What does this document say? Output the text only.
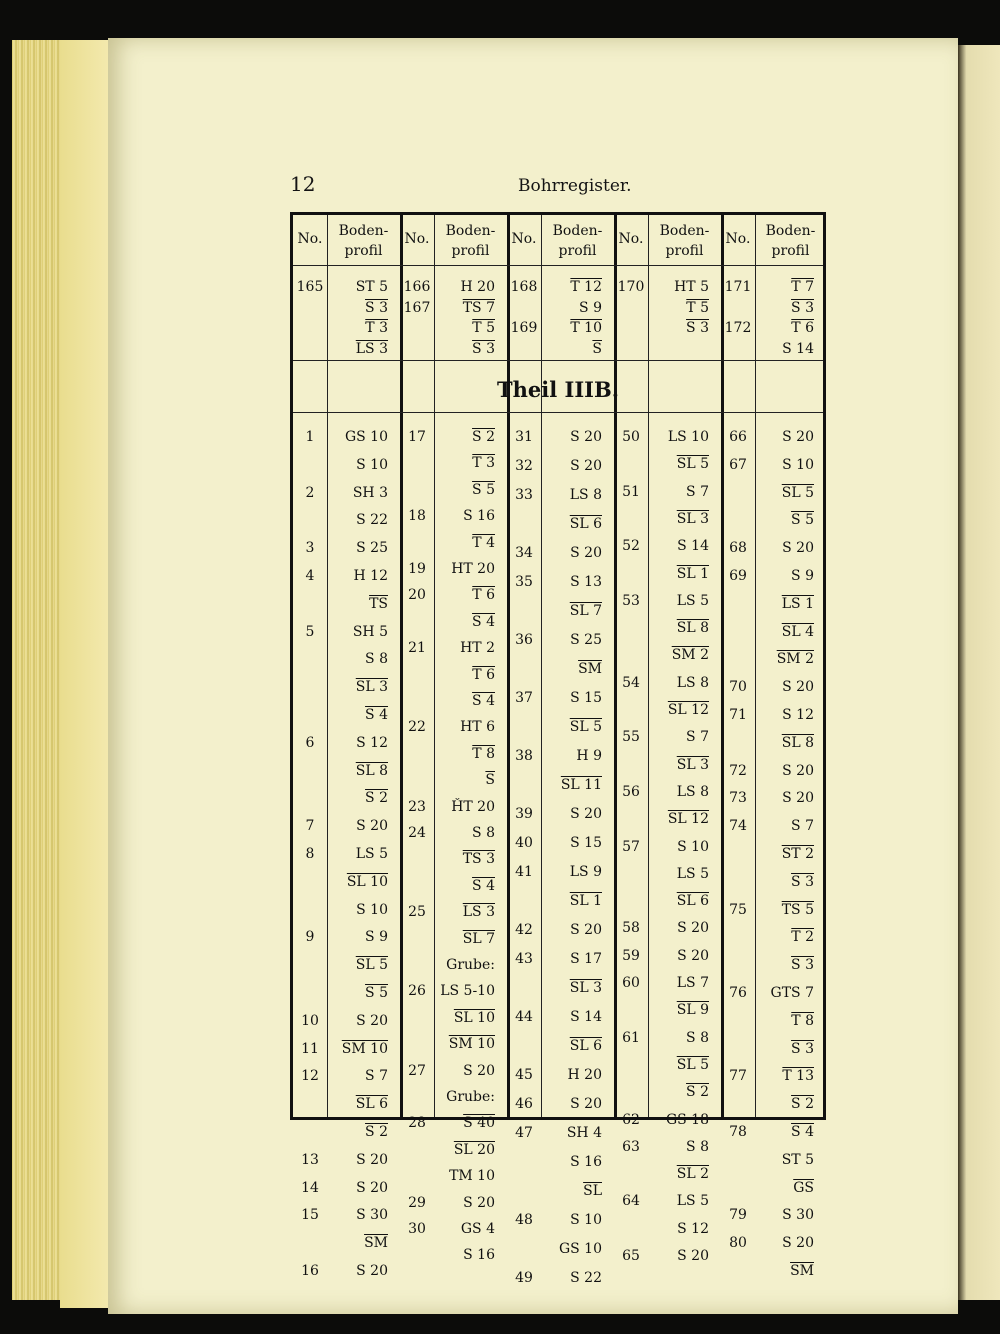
12	Bohrregister.
Theil IIIB.
No.	Boden-
profil
No.	Boden-
profil
No.	Boden-
profil
No.	Boden-
profil
No.	Boden-
profil
165	ST 5
S 3
T 3
LS 3
166	H 20
167	TS 7
T 5
S 3
168	T 12
S 9
169	T 10
$\overline{S}$
170	HT 5
T 5
S 3
171	T 7
S 3
172	T 6
S 14
1	GS 10
S 10
2	SH 3
S 22
3	S 25
4	H 12
$\overline{TS}$
5	SH 5
S 8
SL 3
S 4
6	S 12
SL 8
S 2
7	S 20
8	LS 5
SL 10
S 10
9	S 9
SL 5
S 5
10	S 20
11	SM 10
12	S 7
SL 6
S 2
13	S 20
14	S 20
15	S 30
$\overline{SM}$
16	S 20
17	S 2
T 3
S 5
18	S 16
T 4
19	HT 20
20	T 6
S 4
21	HT 2
T 6
S 4
22	HT 6
T 8
$\overline{S}$
23	ȞT 20
24	S 8
TS 3
S 4
25	LS 3
SL 7
Grube:
26	LS 5-10
SL 10
SM 10
27	S 20
Grube:
28	S 40
SL 20
TM 10
29	S 20
30	GS 4
S 16
31	S 20
32	S 20
33	LS 8
SL 6
34	S 20
35	S 13
SL 7
36	S 25
$\overline{SM}$
37	S 15
SL 5
38	H 9
SL 11
39	S 20
40	S 15
41	LS 9
SL 1
42	S 20
43	S 17
SL 3
44	S 14
SL 6
45	H 20
46	S 20
47	SH 4
S 16
$\overline{SL}$
48	S 10
GS 10
49	S 22
50	LS 10
SL 5
51	S 7
SL 3
52	S 14
SL 1
53	LS 5
SL 8
SM 2
54	LS 8
SL 12
55	S 7
SL 3
56	LS 8
SL 12
57	S 10
LS 5
SL 6
58	S 20
59	S 20
60	LS 7
SL 9
61	S 8
SL 5
S 2
62	GS 18
63	S 8
SL 2
64	LS 5
S 12
65	S 20
66	S 20
67	S 10
SL 5
S 5
68	S 20
69	S 9
LS 1
SL 4
SM 2
70	S 20
71	S 12
SL 8
72	S 20
73	S 20
74	S 7
ST 2
S 3
75	TS 5
T 2
S 3
76	GTS 7
T 8
S 3
77	T 13
S 2
78	S 4
ST 5
$\overline{GS}$
79	S 30
80	S 20
$\overline{SM}$
